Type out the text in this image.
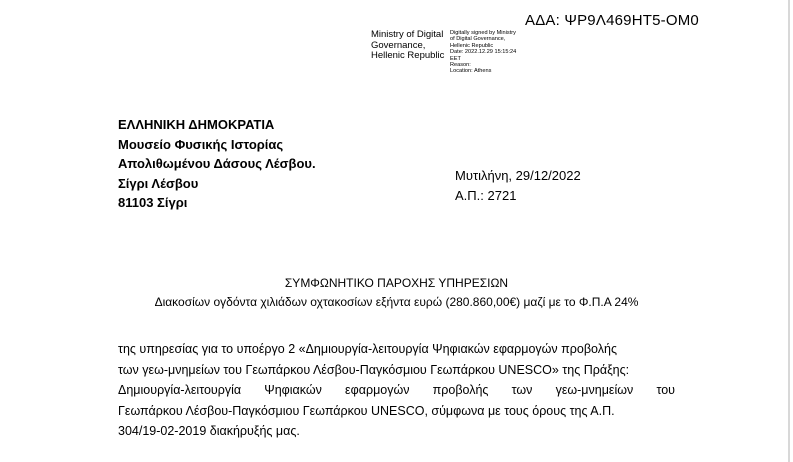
ΑΔΑ: ΨΡ9Λ469ΗΤ5-ΟΜ0
Ministry of Digital
Governance,
Hellenic Republic
Digitally signed by Ministry
of Digital Governance,
Hellenic Republic
Date: 2022.12.29 15:15:24
EET
Reason:
Location: Athens
ΕΛΛΗΝΙΚΗ ΔΗΜΟΚΡΑΤΙΑ
Μουσείο Φυσικής Ιστορίας
Απολιθωμένου Δάσους Λέσβου.
Σίγρι Λέσβου
81103 Σίγρι
Μυτιλήνη, 29/12/2022
Α.Π.: 2721
ΣΥΜΦΩΝΗΤΙΚΟ ΠΑΡΟΧΗΣ ΥΠΗΡΕΣΙΩΝ
Διακοσίων ογδόντα χιλιάδων οχτακοσίων εξήντα ευρώ (280.860,00€) μαζί με το Φ.Π.Α 24%
της υπηρεσίας για το υποέργο 2 «Δημιουργία-λειτουργία Ψηφιακών εφαρμογών προβολής
των γεω-μνημείων του Γεωπάρκου Λέσβου-Παγκόσμιου Γεωπάρκου UNESCO» της Πράξης:
Δημιουργία-λειτουργία Ψηφιακών εφαρμογών προβολής των γεω-μνημείων του
Γεωπάρκου Λέσβου-Παγκόσμιου Γεωπάρκου UNESCO, σύμφωνα με τους όρους της Α.Π.
304/19-02-2019 διακήρυξής μας.
